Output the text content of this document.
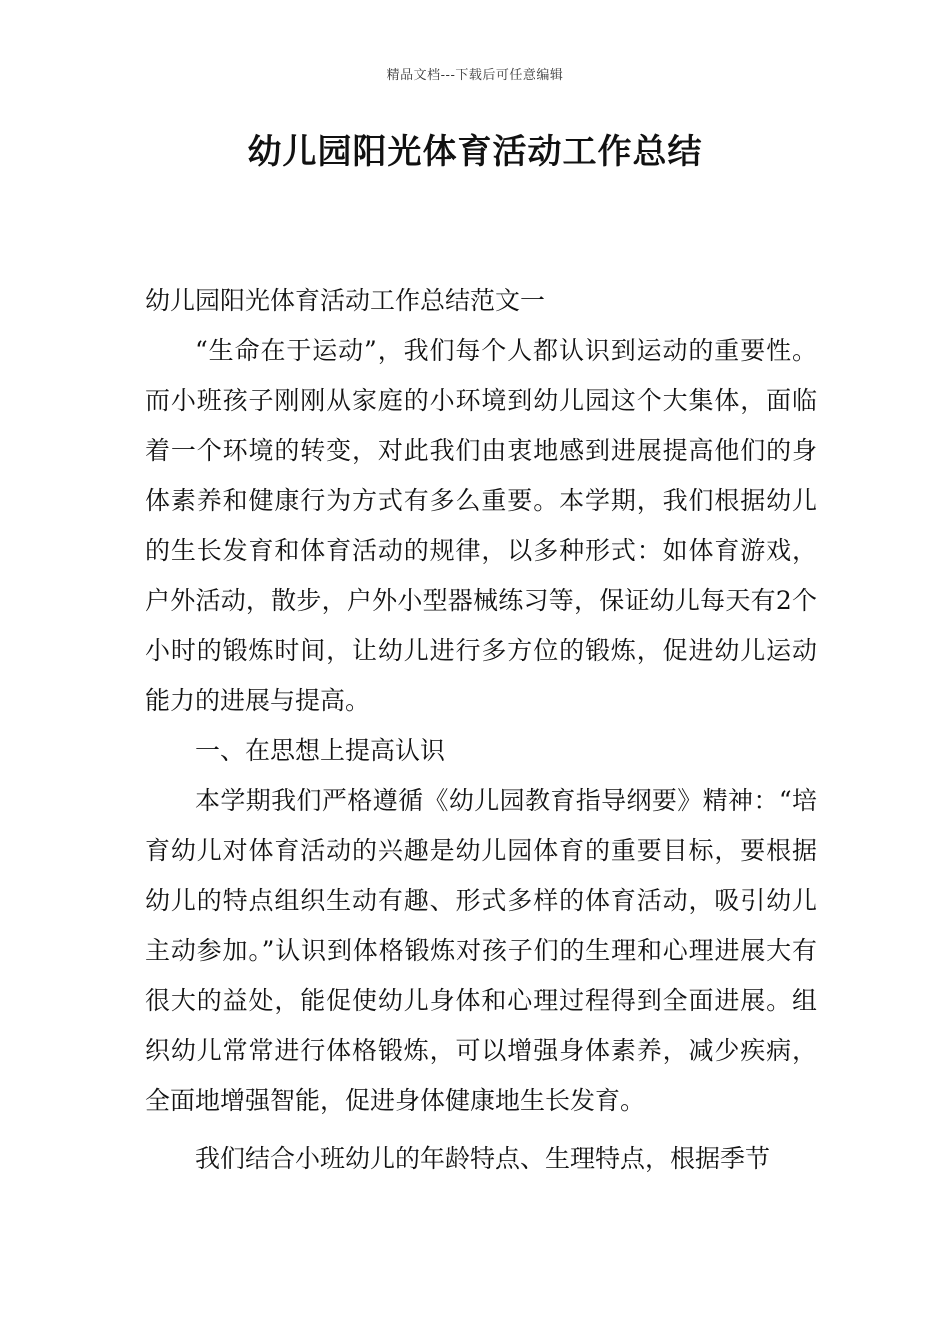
精品文档---下载后可任意编辑
幼儿园阳光体育活动工作总结

幼儿园阳光体育活动工作总结范文一

“生命在于运动”，我们每个人都认识到运动的重要性。而小班孩子刚刚从家庭的小环境到幼儿园这个大集体，面临着一个环境的转变，对此我们由衷地感到进展提高他们的身体素养和健康行为方式有多么重要。本学期，我们根据幼儿的生长发育和体育活动的规律，以多种形式：如体育游戏，户外活动，散步，户外小型器械练习等，保证幼儿每天有2个小时的锻炼时间，让幼儿进行多方位的锻炼，促进幼儿运动能力的进展与提高。

一、在思想上提高认识

本学期我们严格遵循《幼儿园教育指导纲要》精神：“培育幼儿对体育活动的兴趣是幼儿园体育的重要目标，要根据幼儿的特点组织生动有趣、形式多样的体育活动，吸引幼儿主动参加。”认识到体格锻炼对孩子们的生理和心理进展大有很大的益处，能促使幼儿身体和心理过程得到全面进展。组织幼儿常常进行体格锻炼，可以增强身体素养，减少疾病，全面地增强智能，促进身体健康地生长发育。

我们结合小班幼儿的年龄特点、生理特点，根据季节
